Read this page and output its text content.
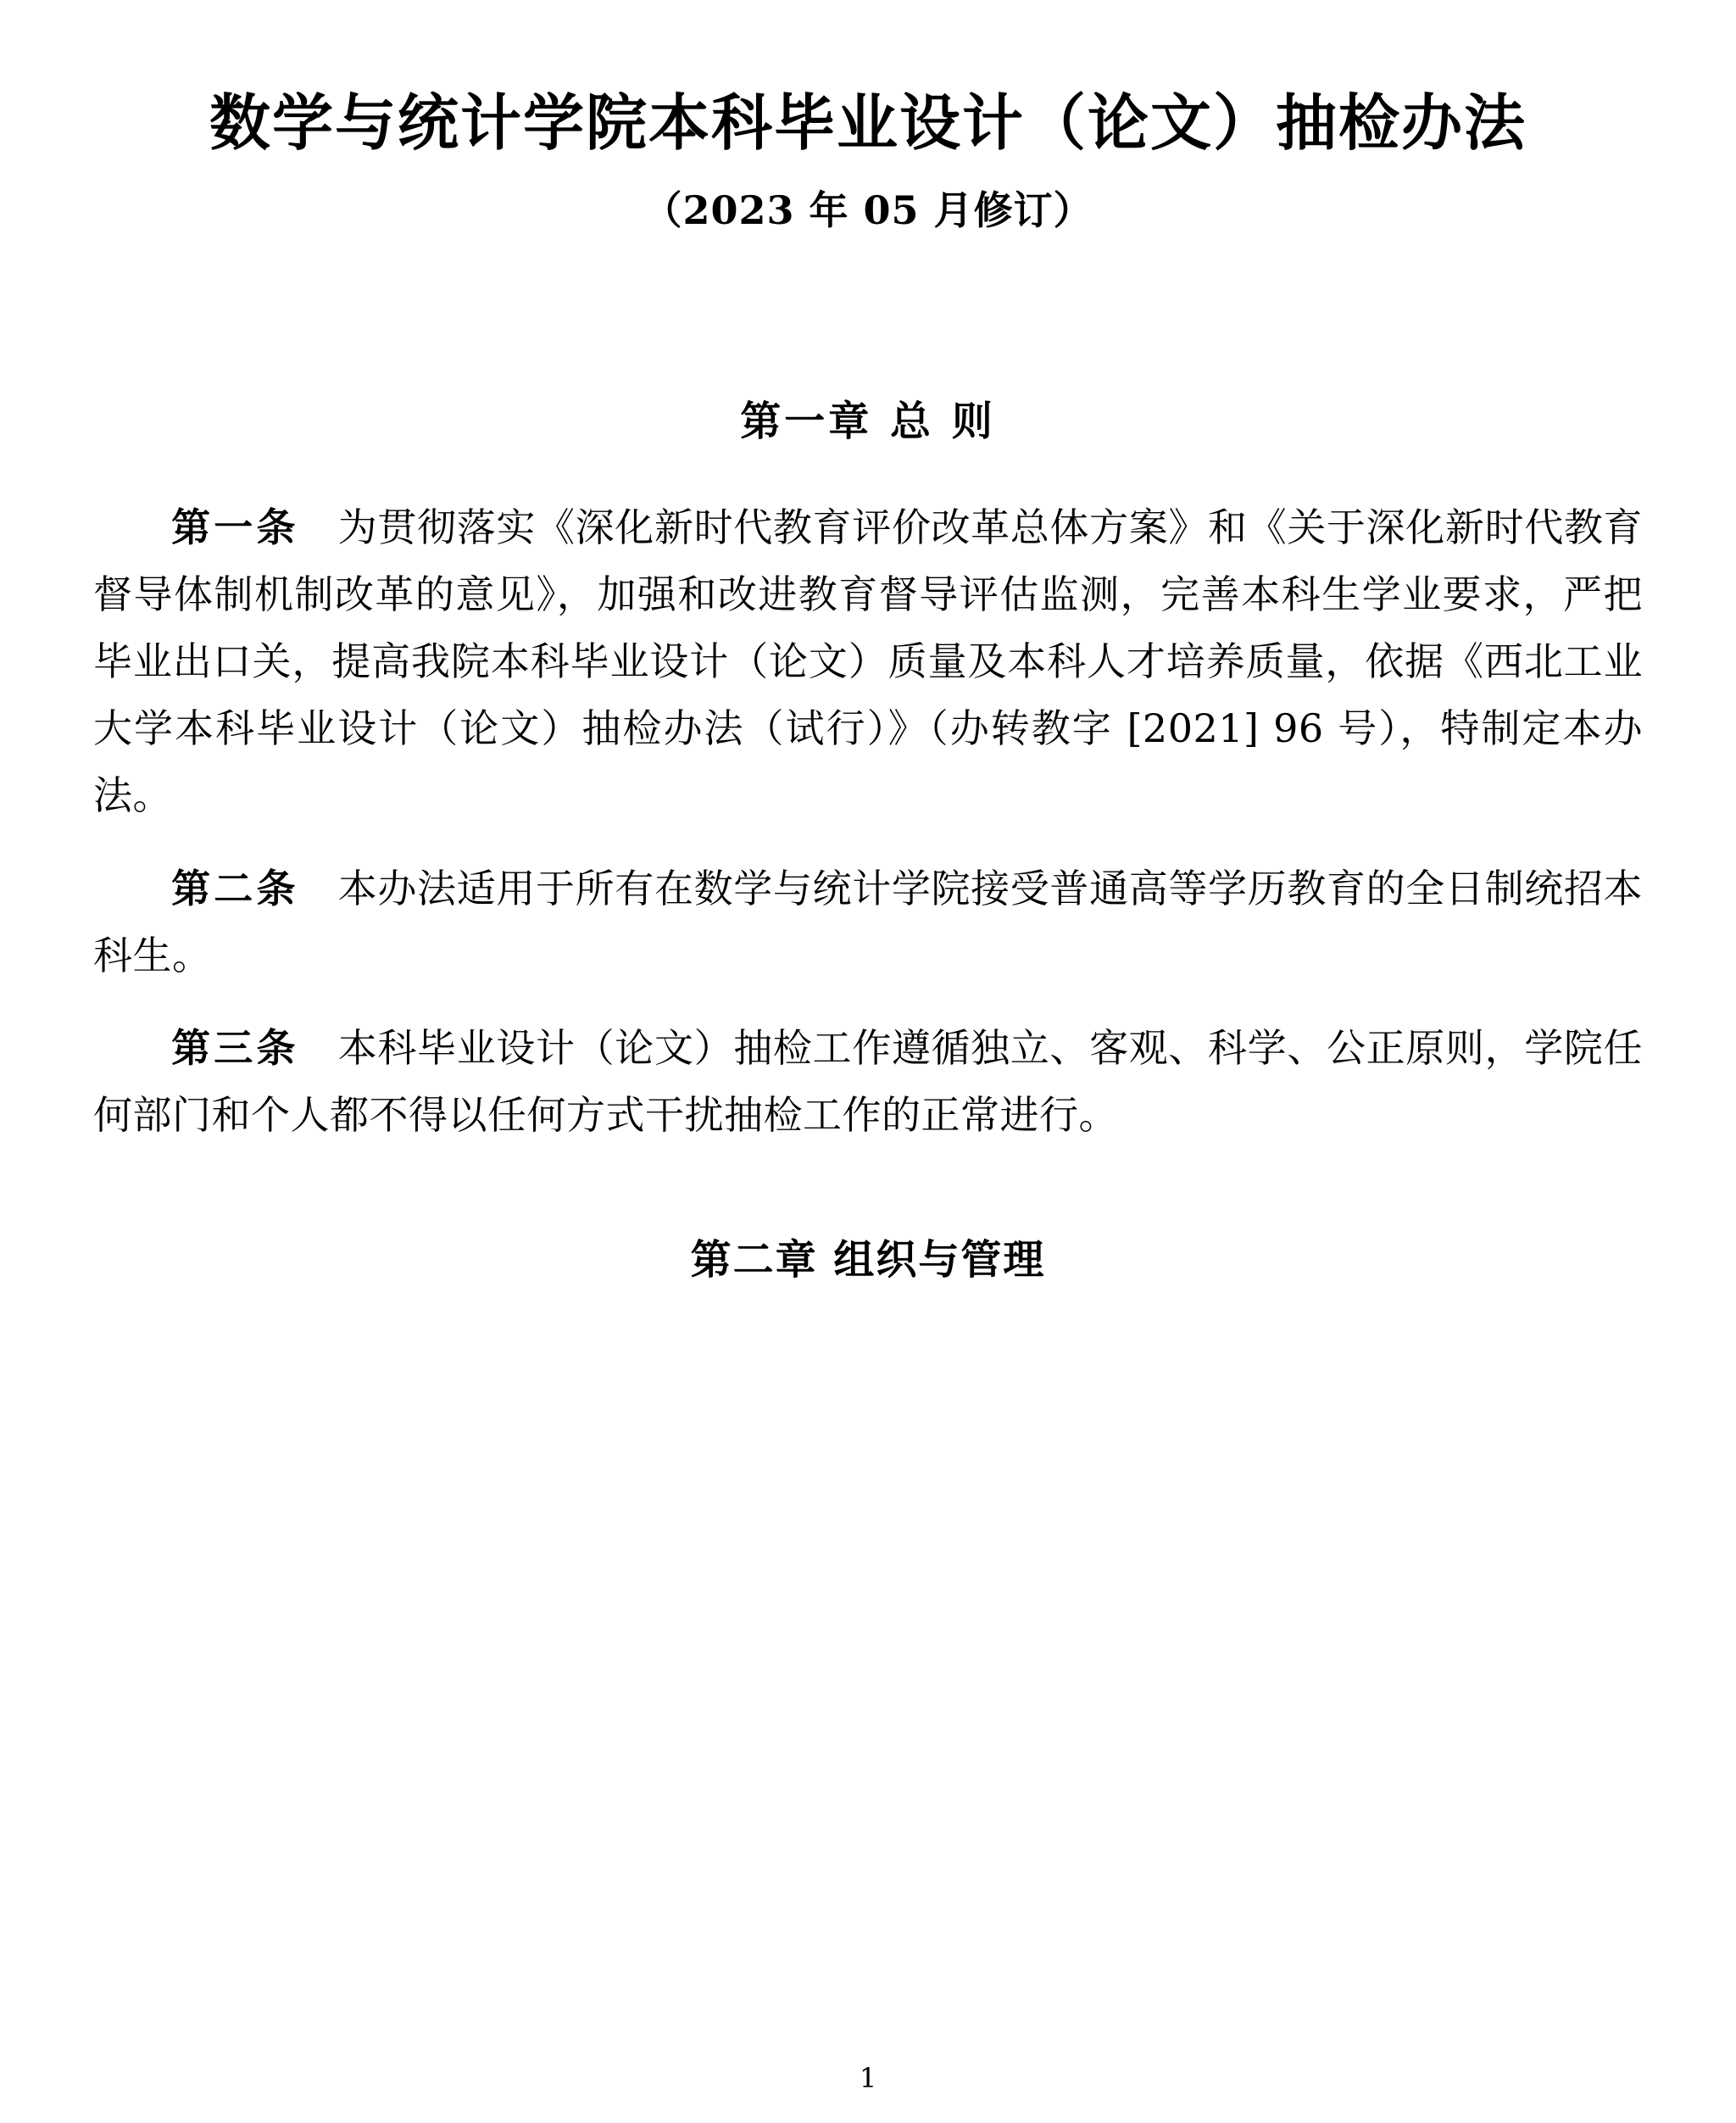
数学与统计学院本科毕业设计（论文）抽检办法
（2023 年 05 月修订）
第一章 总 则

第一条 为贯彻落实《深化新时代教育评价改革总体方案》和《关于深化新时代教育督导体制机制改革的意见》，加强和改进教育督导评估监测，完善本科生学业要求，严把毕业出口关，提高我院本科毕业设计（论文）质量及本科人才培养质量，依据《西北工业大学本科毕业设计（论文）抽检办法（试行）》（办转教字 [2021] 96 号），特制定本办法。

第二条 本办法适用于所有在数学与统计学院接受普通高等学历教育的全日制统招本科生。

第三条 本科毕业设计（论文）抽检工作遵循独立、客观、科学、公正原则，学院任何部门和个人都不得以任何方式干扰抽检工作的正常进行。

第二章 组织与管理
1
